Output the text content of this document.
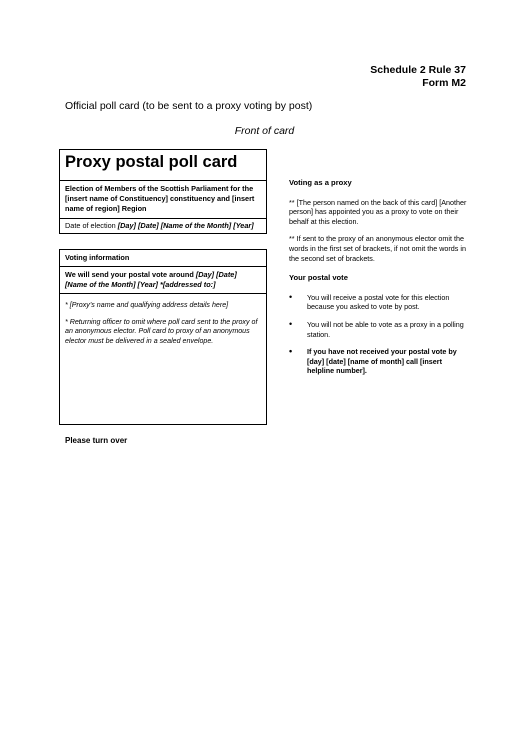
Schedule 2 Rule 37
Form M2
Official poll card (to be sent to a proxy voting by post)
Front of card
Proxy postal poll card
Election of Members of the Scottish Parliament for the [insert name of Constituency] constituency and [insert name of region] Region
Date of election [Day] [Date] [Name of the Month] [Year]
Voting information
We will send your postal vote around [Day] [Date] [Name of the Month] [Year] *[addressed to:]
* [Proxy’s name and qualifying address details here]
* Returning officer to omit where poll card sent to the proxy of an anonymous elector. Poll card to proxy of an anonymous elector must be delivered in a sealed envelope.
Please turn over
Voting as a proxy
** [The person named on the back of this card] [Another person] has appointed you as a proxy to vote on their behalf at this election.
** If sent to the proxy of an anonymous elector omit the words in the first set of brackets, if not omit the words in the second set of brackets.
Your postal vote
• You will receive a postal vote for this election because you asked to vote by post.
• You will not be able to vote as a proxy in a polling station.
• If you have not received your postal vote by [day] [date] [name of month] call [insert helpline number].
